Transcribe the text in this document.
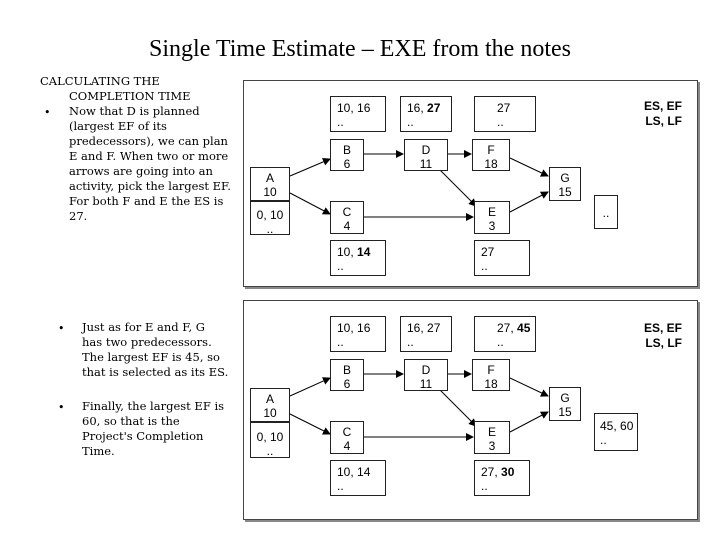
Single Time Estimate – EXE from the notes
CALCULATING THE
COMPLETION TIME
• Now that D is planned
(largest EF of its
predecessors), we can plan
E and F. When two or more
arrows are going into an
activity, pick the largest EF.
For both F and E the ES is
27.
• Just as for E and F, G
has two predecessors.
The largest EF is 45, so
that is selected as its ES.
• Finally, the largest EF is
60, so that is the
Project's Completion
Time.
ES, EF
LS, LF
A
10
B
6
C
4
D
11
F
18
E
3
G
15
0, 10
..
10, 16
..
16, 27
..
27
..
10, 14
..
27
..
..
ES, EF
LS, LF
A
10
B
6
C
4
D
11
F
18
E
3
G
15
0, 10
..
10, 16
..
16, 27
..
27, 45
..
10, 14
..
27, 30
..
45, 60
..
